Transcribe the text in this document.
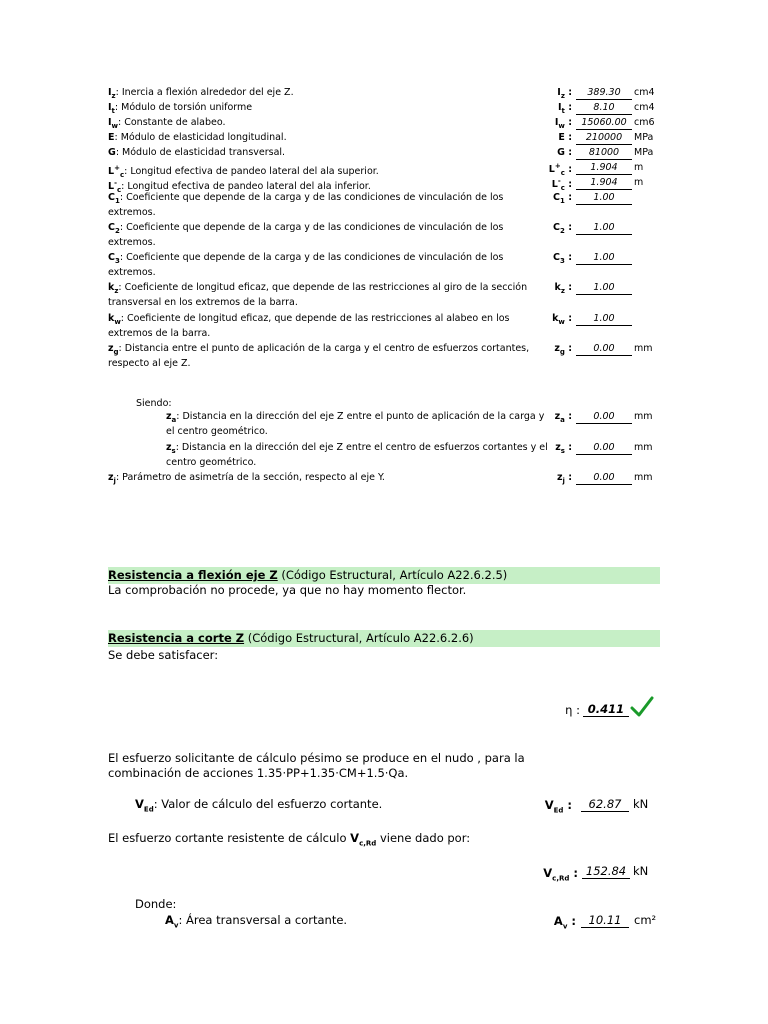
$I_z$: Inercia a flexión alrededor del eje Z.	$I_z$ :	389.30	cm4
$I_t$: Módulo de torsión uniforme	$I_t$ :	8.10	cm4
$I_w$: Constante de alabeo.	$I_w$ : 15060.00 cm6
E: Módulo de elasticidad longitudinal.	E :	210000	MPa
G: Módulo de elasticidad transversal.	G :	81000	MPa
$L^+_c$: Longitud efectiva de pandeo lateral del ala superior.	$L^+_c$ :	1.904	m
$L^-_c$: Longitud efectiva de pandeo lateral del ala inferior.	$L^-_c$ :	1.904	m
$C_1$: Coeficiente que depende de la carga y de las condiciones de vinculación de los extremos.
$C_1$ :	1.00
$C_2$: Coeficiente que depende de la carga y de las condiciones de vinculación de los extremos.
$C_2$ :	1.00
$C_3$: Coeficiente que depende de la carga y de las condiciones de vinculación de los extremos.
$C_3$ :	1.00
$k_z$: Coeficiente de longitud eficaz, que depende de las restricciones al giro de la sección transversal en los extremos de la barra.
$k_z$ :	1.00
$k_w$: Coeficiente de longitud eficaz, que depende de las restricciones al alabeo en los extremos de la barra.
$k_w$ :	1.00
$z_g$: Distancia entre el punto de aplicación de la carga y el centro de esfuerzos cortantes, respecto al eje Z.
$z_g$ :	0.00	mm
Siendo:
$z_a$: Distancia en la dirección del eje Z entre el punto de aplicación de la carga y el centro geométrico.
$z_a$ :	0.00	mm
$z_s$: Distancia en la dirección del eje Z entre el centro de esfuerzos cortantes y el centro geométrico.
$z_s$ :	0.00	mm
$z_j$: Parámetro de asimetría de la sección, respecto al eje Y.	$z_j$ :	0.00	mm
Resistencia a flexión eje Z (Código Estructural, Artículo A22.6.2.5)
La comprobación no procede, ya que no hay momento flector.
Resistencia a corte Z (Código Estructural, Artículo A22.6.2.6)
Se debe satisfacer:
η : 0.411
El esfuerzo solicitante de cálculo pésimo se produce en el nudo , para la combinación de acciones 1.35·PP+1.35·CM+1.5·Qa.
$V_{Ed}$: Valor de cálculo del esfuerzo cortante.	$V_{Ed}$ :	62.87	kN
El esfuerzo cortante resistente de cálculo $V_{c,Rd}$ viene dado por:
$V_{c,Rd}$ : 152.84 kN
Donde:
$A_v$: Área transversal a cortante.	$A_v$ :	10.11	cm²
